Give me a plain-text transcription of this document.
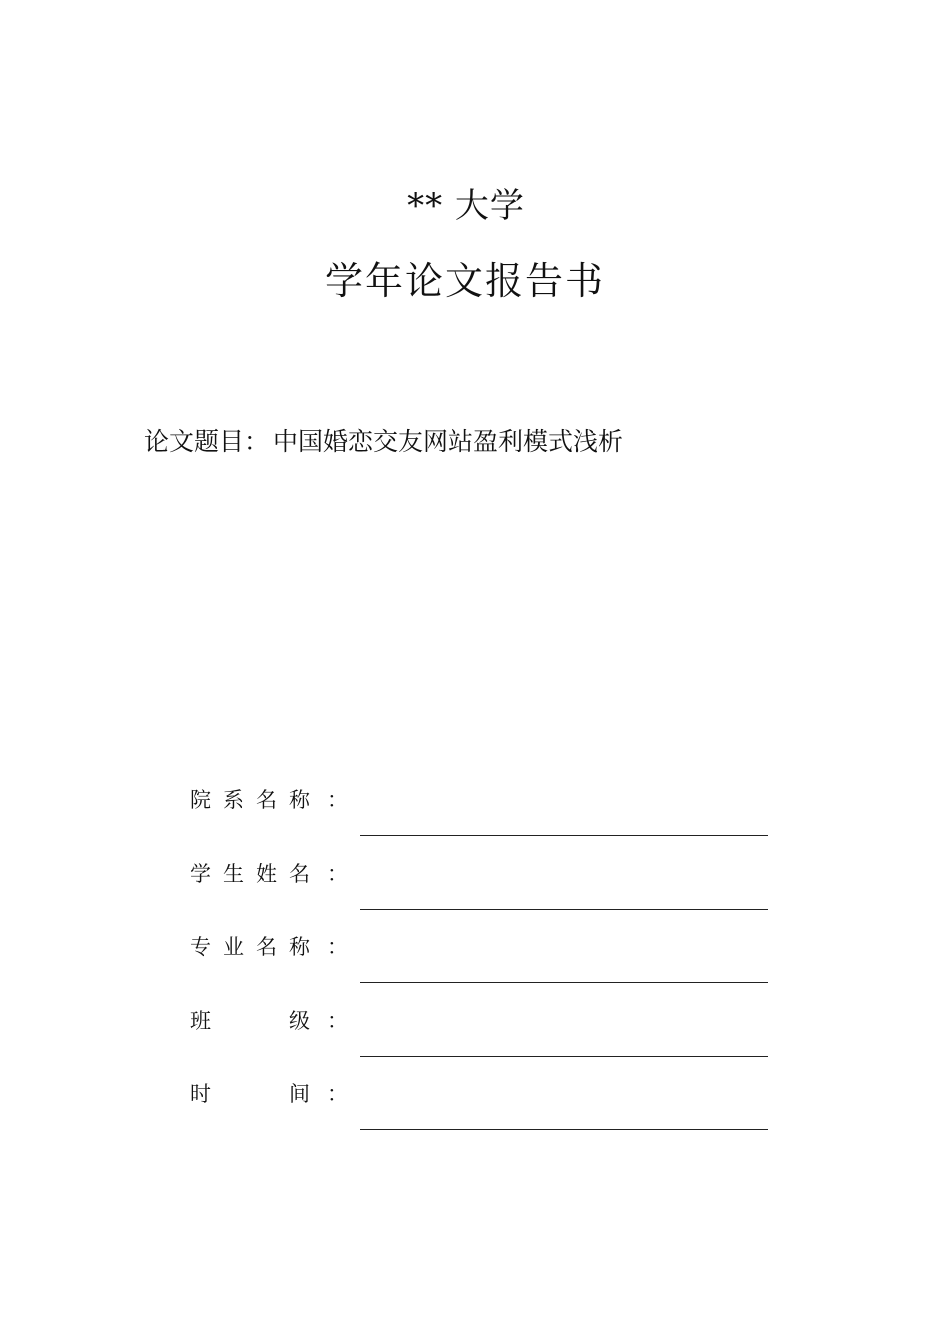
** 大学
学年论文报告书
论文题目： 中国婚恋交友网站盈利模式浅析
院 系 名 称 ：
学 生 姓 名 ：
专 业 名 称 ：
班	级 ：
时	间 ：
